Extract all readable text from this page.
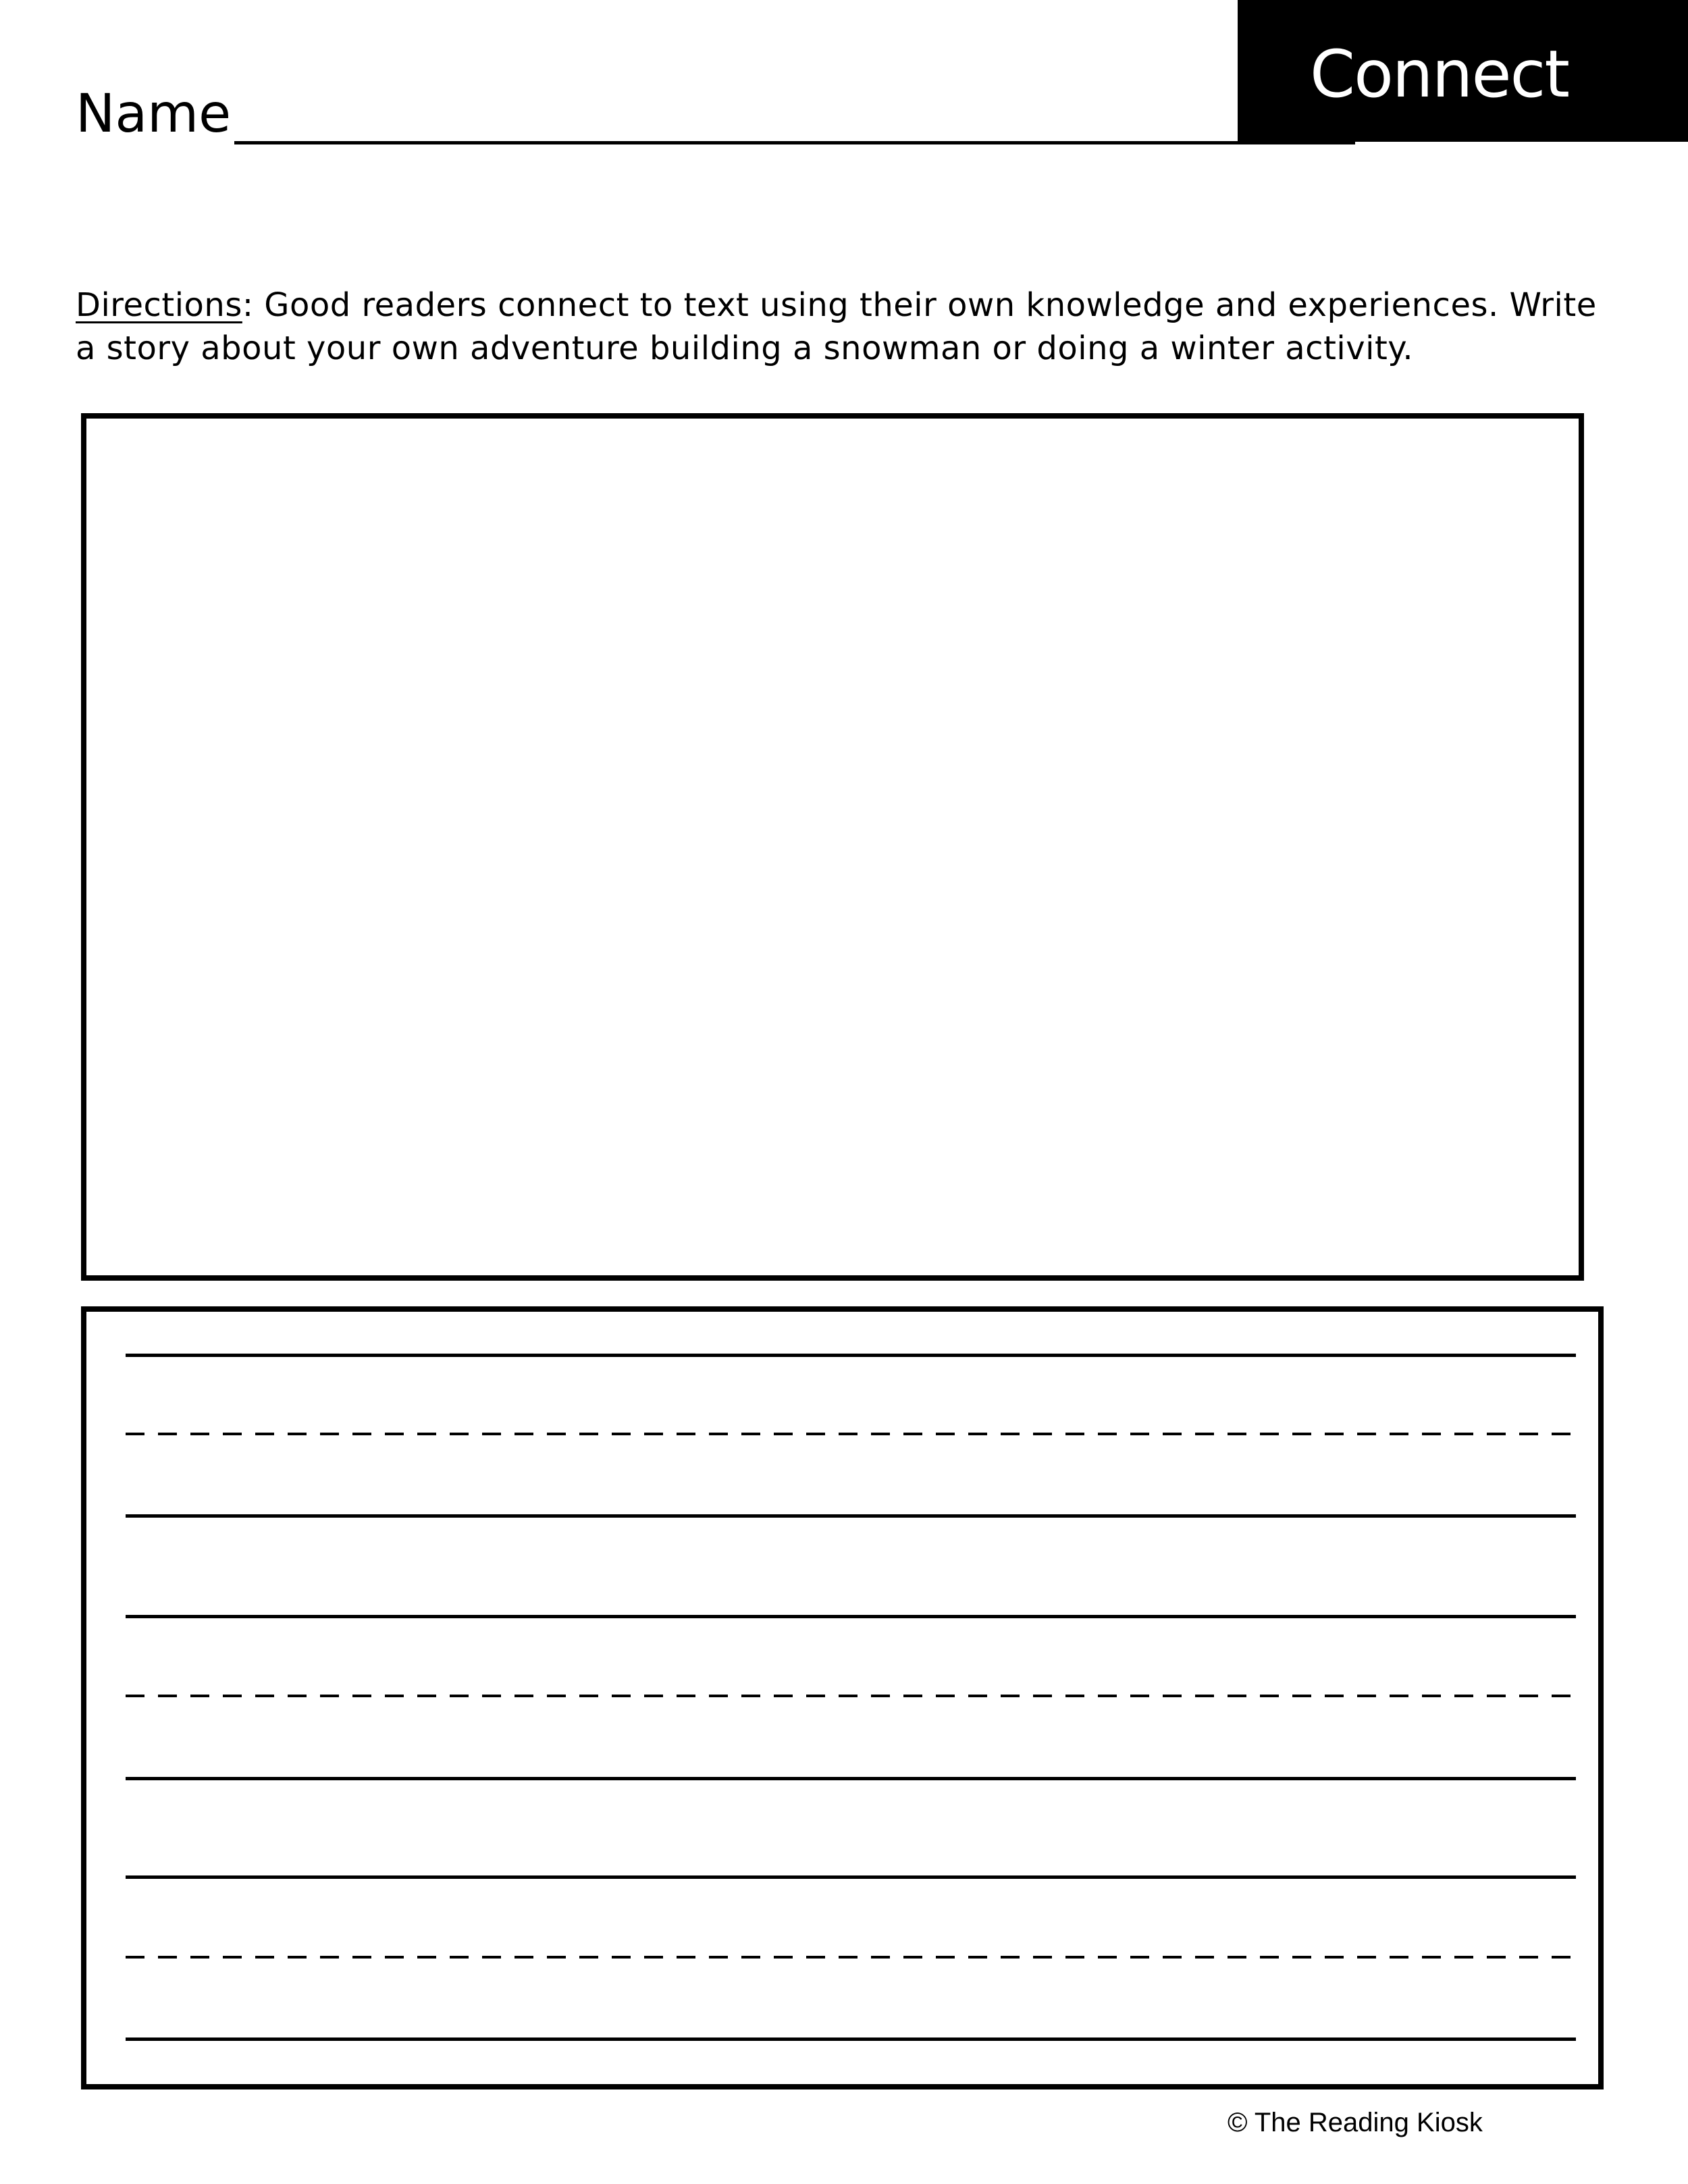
Connect
Name
Directions: Good readers connect to text using their own knowledge and experiences. Write a story about your own adventure building a snowman or doing a winter activity.
© The Reading Kiosk
